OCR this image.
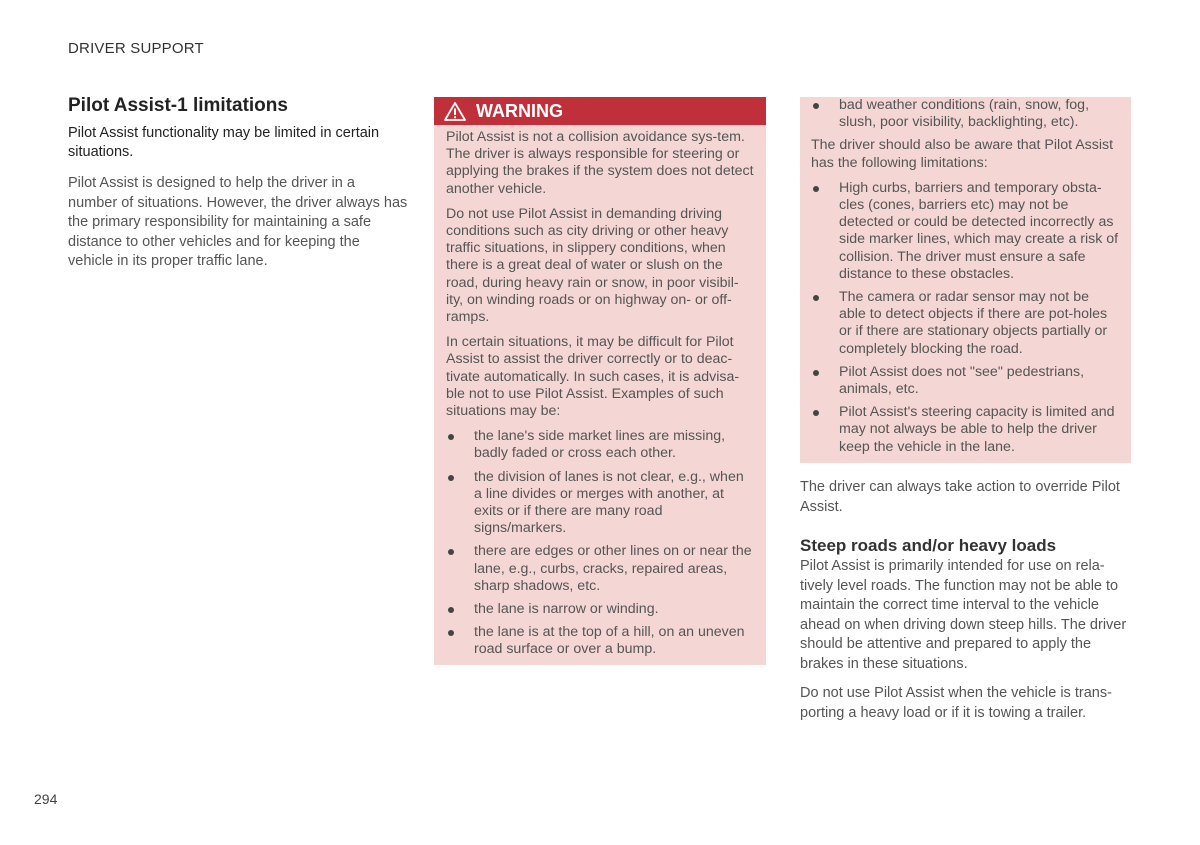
DRIVER SUPPORT
Pilot Assist-1 limitations

Pilot Assist functionality may be limited in certain situations.

Pilot Assist is designed to help the driver in a number of situations. However, the driver always has the primary responsibility for maintaining a safe distance to other vehicles and for keeping the vehicle in its proper traffic lane.

WARNING

Pilot Assist is not a collision avoidance sys-tem. The driver is always responsible for steering or applying the brakes if the system does not detect another vehicle.

Do not use Pilot Assist in demanding driving conditions such as city driving or other heavy traffic situations, in slippery conditions, when there is a great deal of water or slush on the road, during heavy rain or snow, in poor visibil-ity, on winding roads or on highway on- or off-ramps.

In certain situations, it may be difficult for Pilot Assist to assist the driver correctly or to deac-tivate automatically. In such cases, it is advisa-ble not to use Pilot Assist. Examples of such situations may be:

the lane's side market lines are missing, badly faded or cross each other.
the division of lanes is not clear, e.g., when a line divides or merges with another, at exits or if there are many road signs/markers.
there are edges or other lines on or near the lane, e.g., curbs, cracks, repaired areas, sharp shadows, etc.
the lane is narrow or winding.
the lane is at the top of a hill, on an uneven road surface or over a bump.
bad weather conditions (rain, snow, fog, slush, poor visibility, backlighting, etc).

The driver should also be aware that Pilot Assist has the following limitations:

High curbs, barriers and temporary obsta-cles (cones, barriers etc) may not be detected or could be detected incorrectly as side marker lines, which may create a risk of collision. The driver must ensure a safe distance to these obstacles.
The camera or radar sensor may not be able to detect objects if there are pot-holes or if there are stationary objects partially or completely blocking the road.
Pilot Assist does not "see" pedestrians, animals, etc.
Pilot Assist's steering capacity is limited and may not always be able to help the driver keep the vehicle in the lane.

The driver can always take action to override Pilot Assist.

Steep roads and/or heavy loads

Pilot Assist is primarily intended for use on rela-tively level roads. The function may not be able to maintain the correct time interval to the vehicle ahead on when driving down steep hills. The driver should be attentive and prepared to apply the brakes in these situations.

Do not use Pilot Assist when the vehicle is trans-porting a heavy load or if it is towing a trailer.

294
